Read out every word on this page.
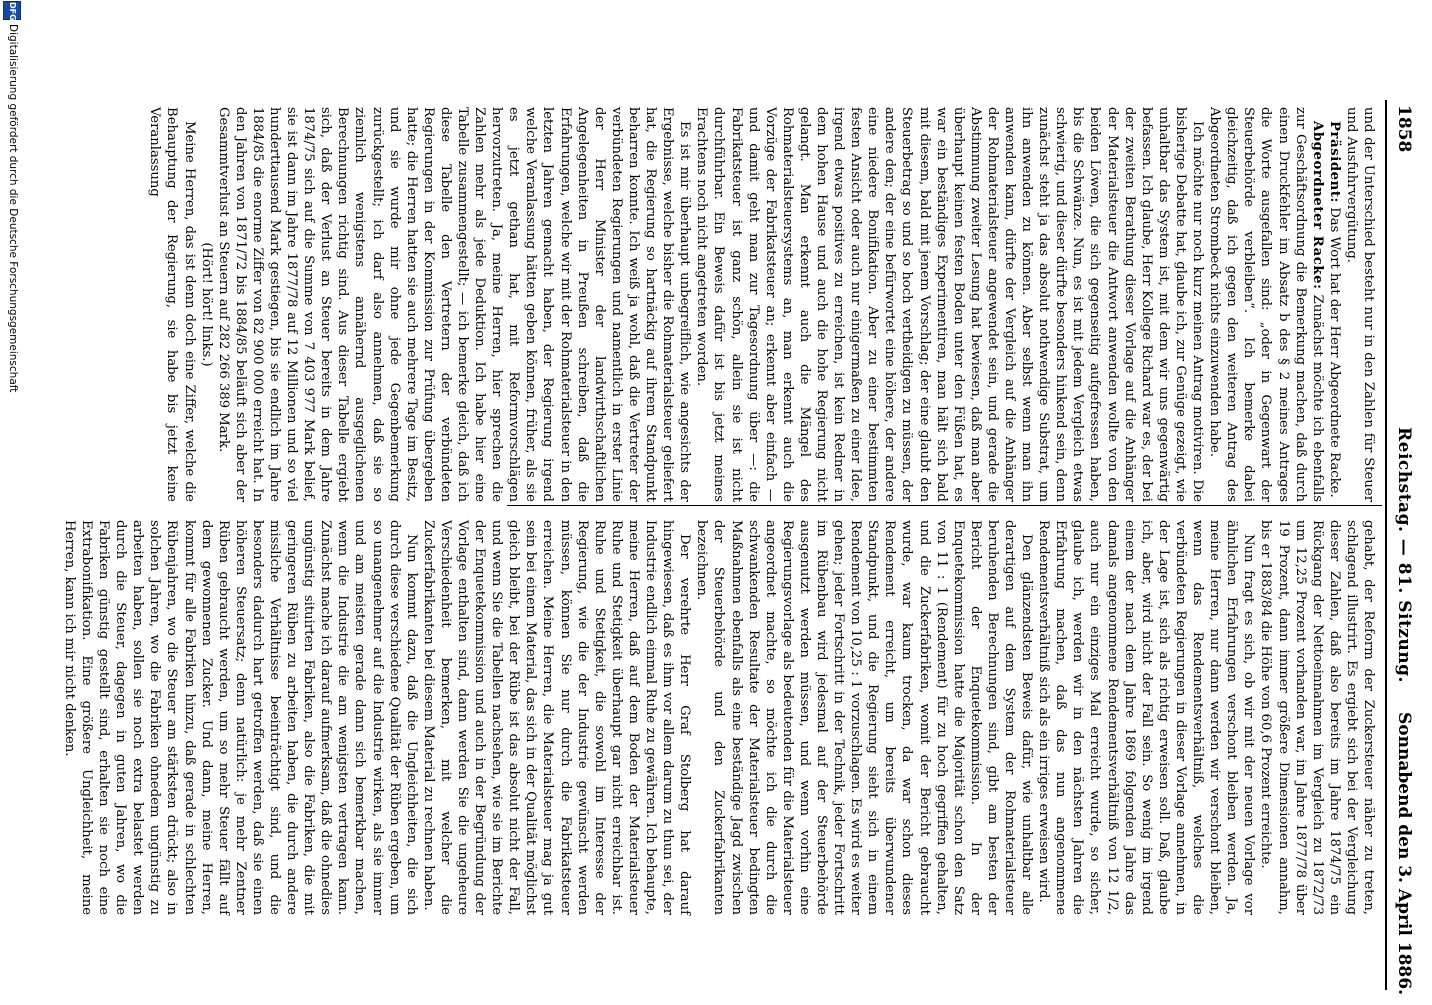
1858
Reichstag. — 81. Sitzung.
Sonnabend den 3. April 1886.

und der Unterschied besteht nur in den Zahlen für Steuer und Ausfuhrvergütung.

Präsident: Das Wort hat der Herr Abgeordnete Racke.

Abgeordneter Racke: Zunächst möchte ich ebenfalls zur Geschäftsordnung die Bemerkung machen, daß durch einen Druckfehler im Absatz b des § 2 meines Antrages die Worte ausgefallen sind: „oder in Gegenwart der Steuerbehörde verbleiben“. Ich bemerke dabei gleichzeitig, daß ich gegen den weiteren Antrag des Abgeordneten Strombeck nichts einzuwenden habe.

Ich möchte nur noch kurz meinen Antrag motiviren. Die bisherige Debatte hat, glaube ich, zur Genüge gezeigt, wie unhaltbar das System ist, mit dem wir uns gegenwärtig befassen. Ich glaube, Herr Kollege Richard war es, der bei der zweiten Berathung dieser Vorlage auf die Anhänger der Materialsteuer die Antwort anwenden wollte von den beiden Löwen, die sich gegenseitig aufgefressen haben, bis die Schwänze. Nun, es ist mit jedem Vergleich etwas schwierig, und dieser dürfte besonders hinkend sein, denn zunächst steht ja das absolut nothwendige Substrat, um ihn anwenden zu können. Aber selbst wenn man ihn anwenden kann, dürfte der Vergleich auf die Anhänger der Rohmaterialsteuer angewendet sein, und gerade die Abstimmung zweiter Lesung hat bewiesen, daß man aber überhaupt keinen festen Boden unter den Füßen hat, es war ein beständiges Experimentiren, man hält sich bald mit diesem, bald mit jenem Vorschlag; der eine glaubt den Steuerbetrag so und so hoch vertheidigen zu müssen, der andere den; der eine befürwortet eine höhere, der andere eine niedere Bonifikation. Aber zu einer bestimmten festen Ansicht oder auch nur einigermaßen zu einer Idee, irgend etwas positives zu erreichen, ist kein Redner in dem hohen Hause und auch die hohe Regierung nicht gelangt. Man erkennt auch die Mängel des Rohmaterialsteuersystems an, man erkennt auch die Vorzüge der Fabrikatsteuer an; erkennt aber einfach — und damit geht man zur Tagesordnung über —: die Fabrikatsteuer ist ganz schön, allein sie ist nicht durchführbar. Ein Beweis dafür ist bis jetzt meines Erachtens noch nicht angetreten worden.

Es ist mir überhaupt unbegreiflich, wie angesichts der Ergebnisse, welche bisher die Rohmaterialsteuer geliefert hat, die Regierung so hartnäckig auf ihrem Standpunkt beharren konnte. Ich weiß ja wohl, daß die Vertreter der verbündeten Regierungen und namentlich in erster Linie der Herr Minister der landwirthschaftlichen Angelegenheiten in Preußen schreiben, daß die Erfahrungen, welche wir mit der Rohmaterialsteuer in den letzten Jahren gemacht haben, der Regierung irgend welche Veranlassung hätten geben können, früher, als sie es jetzt gethan hat, mit Reformvorschlägen hervorzutreten. Ja, meine Herren, hier sprechen die Zahlen mehr als jede Deduktion. Ich habe hier eine Tabelle zusammengestellt; — ich bemerke gleich, daß ich diese Tabelle den Vertretern der verbündeten Regierungen in der Kommission zur Prüfung übergeben hatte; die Herren hatten sie auch mehrere Tage im Besitz, und sie wurde mir ohne jede Gegenbemerkung zurückgestellt; ich darf also annehmen, daß sie so ziemlich wenigstens annähernd ausgeglichenen Berechnungen richtig sind. Aus dieser Tabelle ergiebt sich, daß der Verlust an Steuer bereits in dem Jahre 1874/75 sich auf die Summe von 7 403 977 Mark belief, sie ist dann im Jahre 1877/78 auf 12 Millionen und so viel hunderttausend Mark gestiegen, bis sie endlich im Jahre 1884/85 die enorme Ziffer von 82 900 000 erreicht hat. In den Jahren von 1871/72 bis 1884/85 beläuft sich aber der Gesammtverlust an Steuern auf 282 266 389 Mark.

(Hört! hört! links.)

Meine Herren, das ist denn doch eine Ziffer, welche die Behauptung der Regierung, sie habe bis jetzt keine Veranlassung

gehabt, der Reform der Zuckersteuer näher zu treten, schlagend illustrirt. Es ergiebt sich bei der Vergleichung dieser Zahlen, daß also bereits im Jahre 1874/75 ein Rückgang der Nettoeinnahmen im Vergleich zu 1872/73 um 12,25 Prozent vorhanden war, im Jahre 1877/78 über 19 Prozent, dann immer größere Dimensionen annahm, bis er 1883/84 die Höhe von 60,6 Prozent erreichte.

Nun fragt es sich, ob wir mit der neuen Vorlage vor ähnlichen Erfahrungen verschont bleiben werden. Ja, meine Herren, nur dann werden wir verschont bleiben, wenn das Rendementsverhältniß, welches die verbündeten Regierungen in dieser Vorlage annehmen, in der Lage ist, sich als richtig erweisen soll. Daß, glaube ich, aber, wird nicht der Fall sein. So wenig im irgend einem der nach dem Jahre 1869 folgenden Jahre das damals angenommene Rendementsverhältniß von 12 1/2, auch nur ein einziges Mal erreicht wurde, so sicher, glaube ich, werden wir in den nächsten Jahren die Erfahrung machen, daß das nun angenommene Rendementsverhältniß sich als ein irriges erweisen wird.

Den glänzendsten Beweis dafür, wie unhaltbar alle derartigen auf dem System der Rohmaterialsteuer beruhenden Berechnungen sind, gibt am besten der Bericht der Enquetekommission. In der Enquetekommission hatte die Majorität schon den Satz von 11 : 1 (Rendement) für zu hoch gegriffen gehalten, und die Zuckerfabriken, womit der Bericht gebraucht wurde, war kaum trocken, da war schon dieses Rendement erreicht, um bereits überwundener Standpunkt, und die Regierung sieht sich in einem Rendement von 10,25 : 1 vorzuschlagen. Es wird es weiter gehen; jeder Fortschritt in der Technik, jeder Fortschritt im Rübenbau wird jedesmal auf der Steuerbehörde ausgenutzt werden müssen, und wenn vorhin eine Regierungsvorlage als bedeutenden für die Materialsteuer angeordnet machte, so möchte ich die durch die schwankenden Resultate der Materialsteuer bedingten Maßnahmen ebenfalls als eine beständige Jagd zwischen der Steuerbehörde und den Zuckerfabrikanten bezeichnen.

Der verehrte Herr Graf Stolberg hat darauf hingewiesen, daß es ihm vor allem darum zu thun sei, der Industrie endlich einmal Ruhe zu gewähren. Ich behaupte, meine Herren, daß auf dem Boden der Materialsteuer Ruhe und Stetigkeit überhaupt gar nicht erreichbar ist. Ruhe und Stetigkeit, die sowohl im Interesse der Regierung, wie die der Industrie gewünscht werden müssen, können Sie nur durch die Fabrikatsteuer erreichen. Meine Herren, die Materialsteuer mag ja gut sein bei einem Material, das sich in der Qualität möglichst gleich bleibt, bei der Rübe ist das absolut nicht der Fall, und wenn Sie die Tabellen nachsehen, wie sie im Berichte der Enquetekommission und auch in der Begründung der Vorlage enthalten sind, dann werden Sie die ungeheure Verschiedenheit bemerken, mit welcher die Zuckerfabrikanten bei diesem Material zu rechnen haben.

Nun kommt dazu, daß die Ungleichheiten, die sich durch diese verschiedene Qualität der Rüben ergeben, um so unangenehmer auf die Industrie wirken, als sie immer und am meisten gerade dann sich bemerkbar machen, wenn die Industrie die am wenigsten vertragen kann. Zunächst mache ich darauf aufmerksam, daß die ohnedies ungünstig situirten Fabriken, also die Fabriken, die mit geringeren Rüben zu arbeiten haben, die durch andere missliche Verhältnisse beeinträchtigt sind, und die besonders dadurch hart getroffen werden, daß sie einen höheren Steuersatz; denn natürlich: je mehr Zentner Rüben gebraucht werden, um so mehr Steuer fällt auf dem gewonnenen Zucker. Und dann, meine Herren, kommt für alle Fabriken hinzu, daß gerade in schlechten Rübenjahren, wo die Steuer am stärksten drückt; also in solchen Jahren, wo die Fabriken ohnedem ungünstig zu arbeiten haben, sollen sie noch extra belastet werden durch die Steuer, dagegen in guten Jahren, wo die Fabriken günstig gestellt sind, erhalten sie noch eine Extrabonifikation. Eine größere Ungleichheit, meine Herren, kann ich mir nicht denken.

DFG
Digitalisierung gefördert durch die Deutsche Forschungsgemeinschaft
